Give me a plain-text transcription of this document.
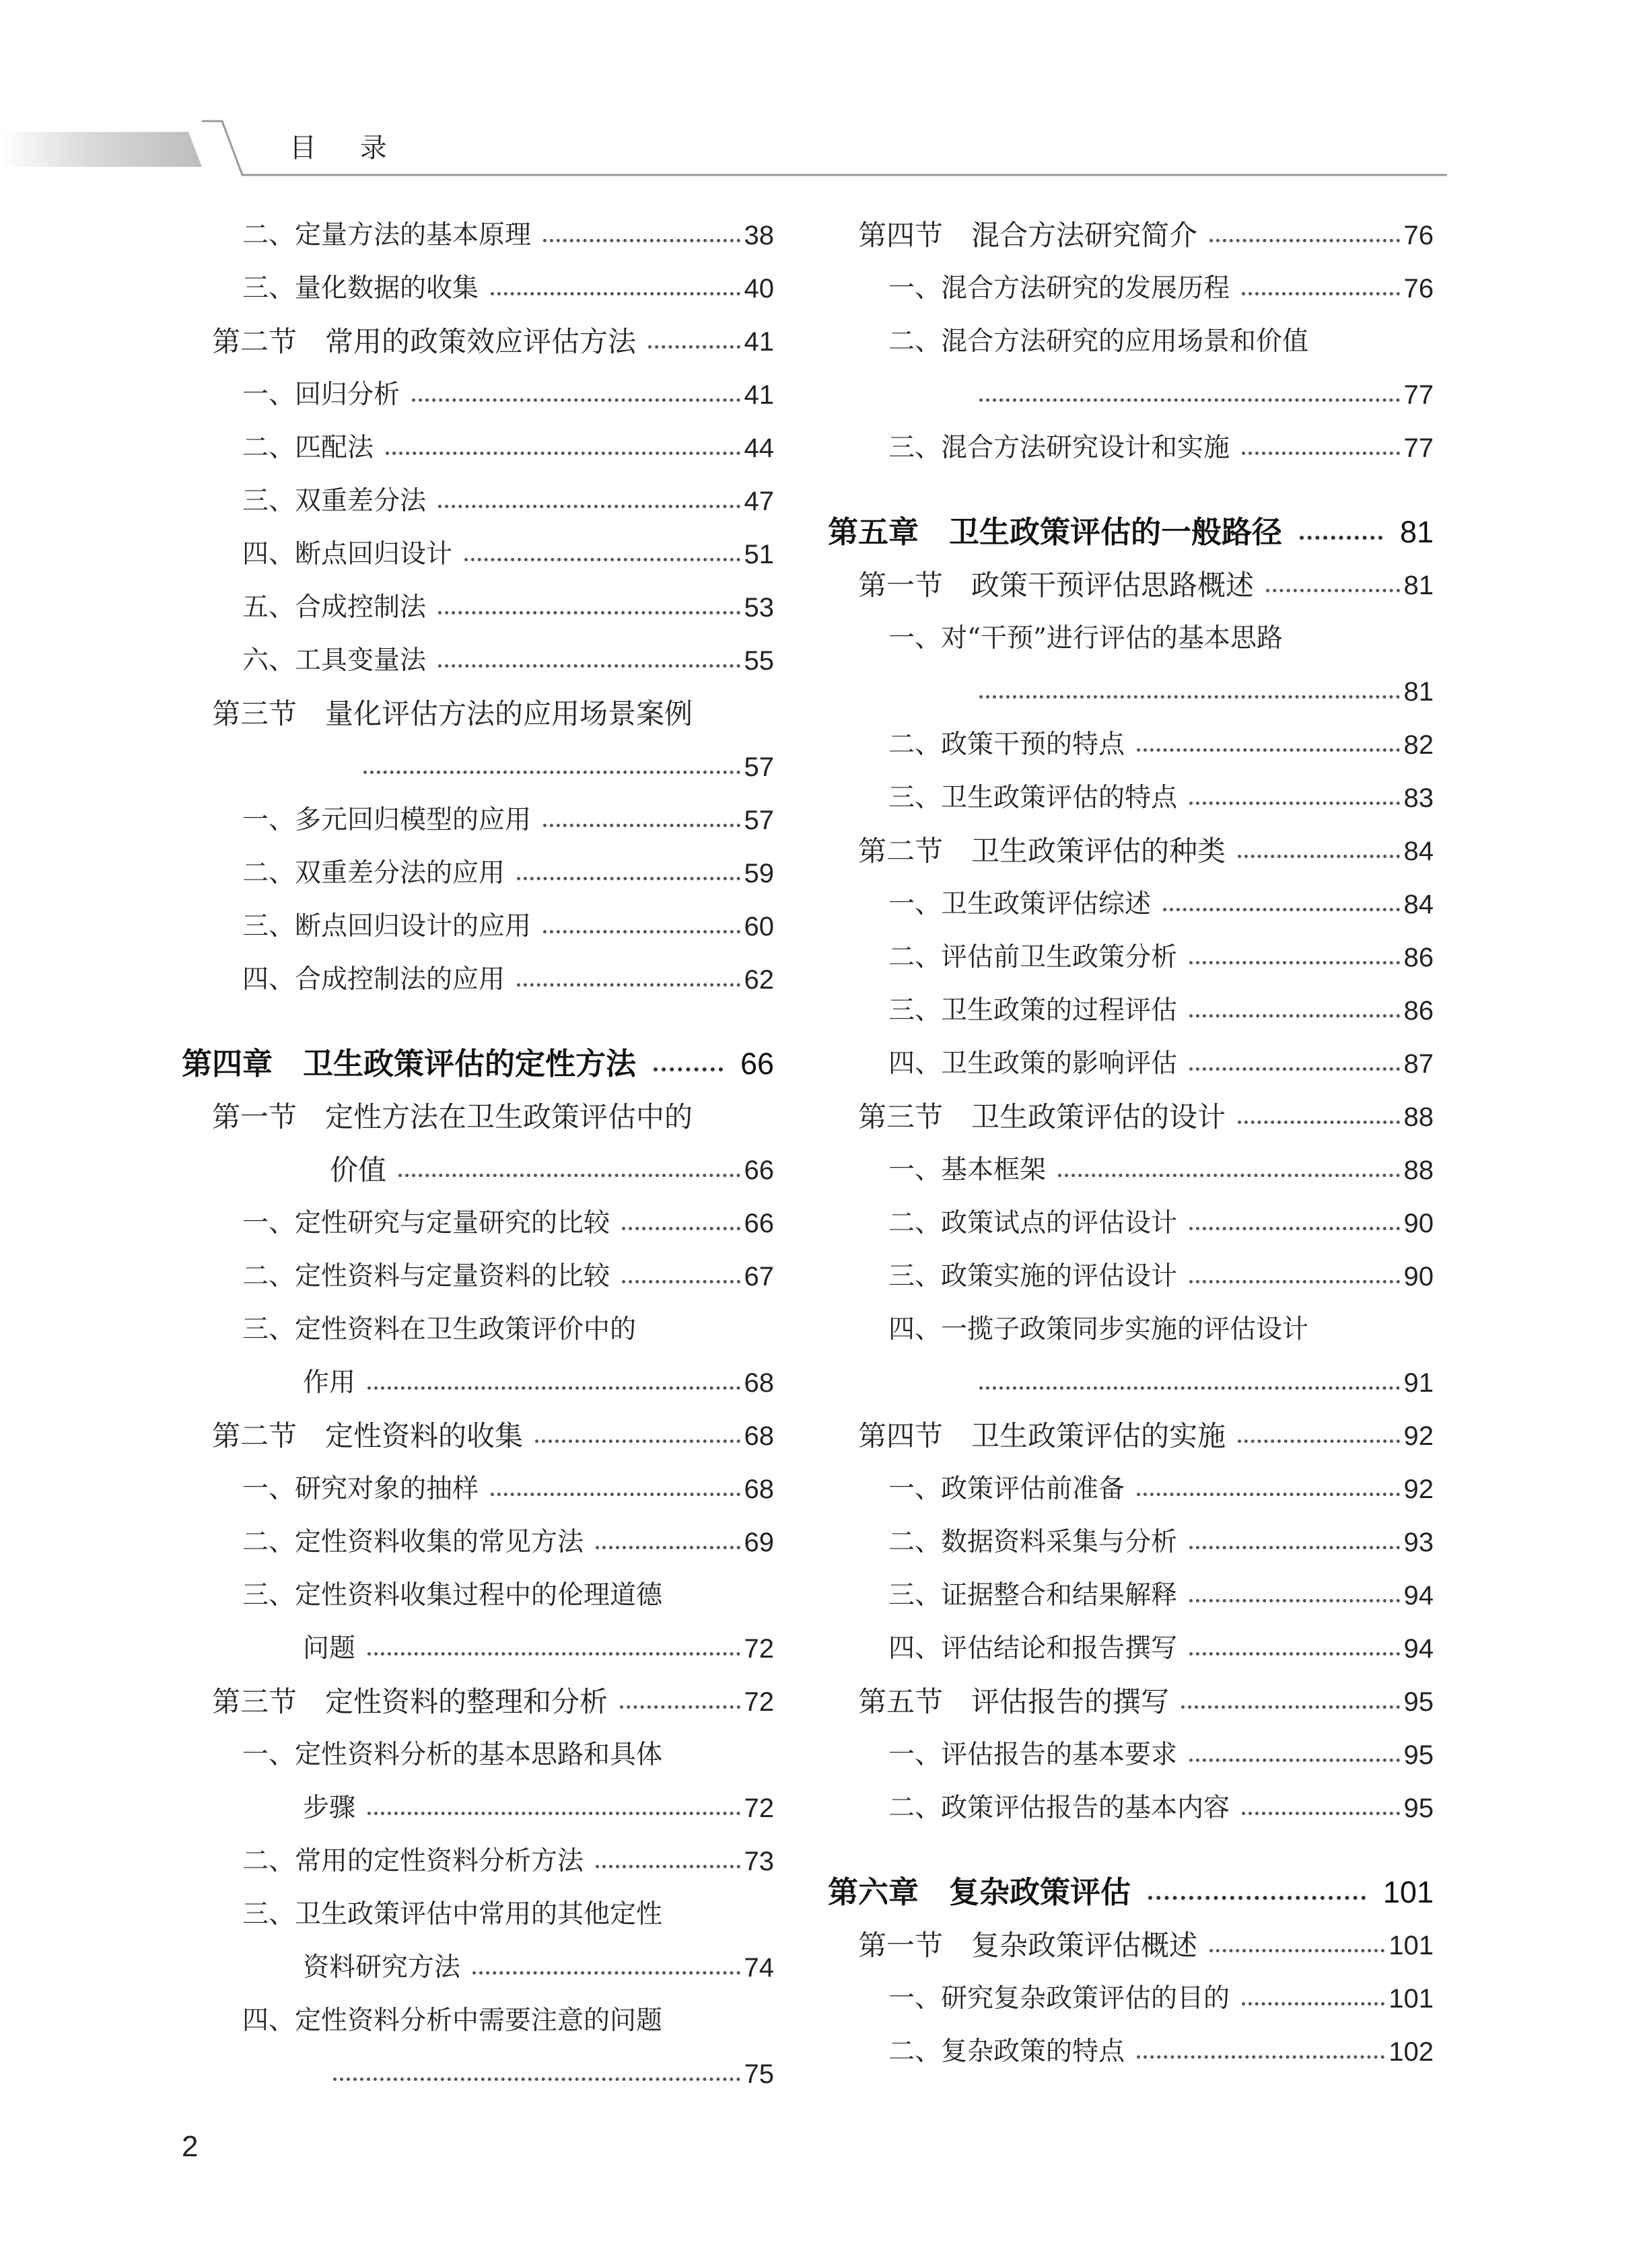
目 录
二、定量方法的基本原理	38
三、量化数据的收集	40
第二节　常用的政策效应评估方法	41
一、回归分析	41
二、匹配法	44
三、双重差分法	47
四、断点回归设计	51
五、合成控制法	53
六、工具变量法	55
第三节　量化评估方法的应用场景案例
57
一、多元回归模型的应用	57
二、双重差分法的应用	59
三、断点回归设计的应用	60
四、合成控制法的应用	62
第四章　卫生政策评估的定性方法	66
第一节　定性方法在卫生政策评估中的
价值	66
一、定性研究与定量研究的比较	66
二、定性资料与定量资料的比较	67
三、定性资料在卫生政策评价中的
作用	68
第二节　定性资料的收集	68
一、研究对象的抽样	68
二、定性资料收集的常见方法	69
三、定性资料收集过程中的伦理道德
问题	72
第三节　定性资料的整理和分析	72
一、定性资料分析的基本思路和具体
步骤	72
二、常用的定性资料分析方法	73
三、卫生政策评估中常用的其他定性
资料研究方法	74
四、定性资料分析中需要注意的问题
75
第四节　混合方法研究简介	76
一、混合方法研究的发展历程	76
二、混合方法研究的应用场景和价值
77
三、混合方法研究设计和实施	77
第五章　卫生政策评估的一般路径	81
第一节　政策干预评估思路概述	81
一、对“干预”进行评估的基本思路
81
二、政策干预的特点	82
三、卫生政策评估的特点	83
第二节　卫生政策评估的种类	84
一、卫生政策评估综述	84
二、评估前卫生政策分析	86
三、卫生政策的过程评估	86
四、卫生政策的影响评估	87
第三节　卫生政策评估的设计	88
一、基本框架	88
二、政策试点的评估设计	90
三、政策实施的评估设计	90
四、一揽子政策同步实施的评估设计
91
第四节　卫生政策评估的实施	92
一、政策评估前准备	92
二、数据资料采集与分析	93
三、证据整合和结果解释	94
四、评估结论和报告撰写	94
第五节　评估报告的撰写	95
一、评估报告的基本要求	95
二、政策评估报告的基本内容	95
第六章　复杂政策评估	101
第一节　复杂政策评估概述	101
一、研究复杂政策评估的目的	101
二、复杂政策的特点	102
2
